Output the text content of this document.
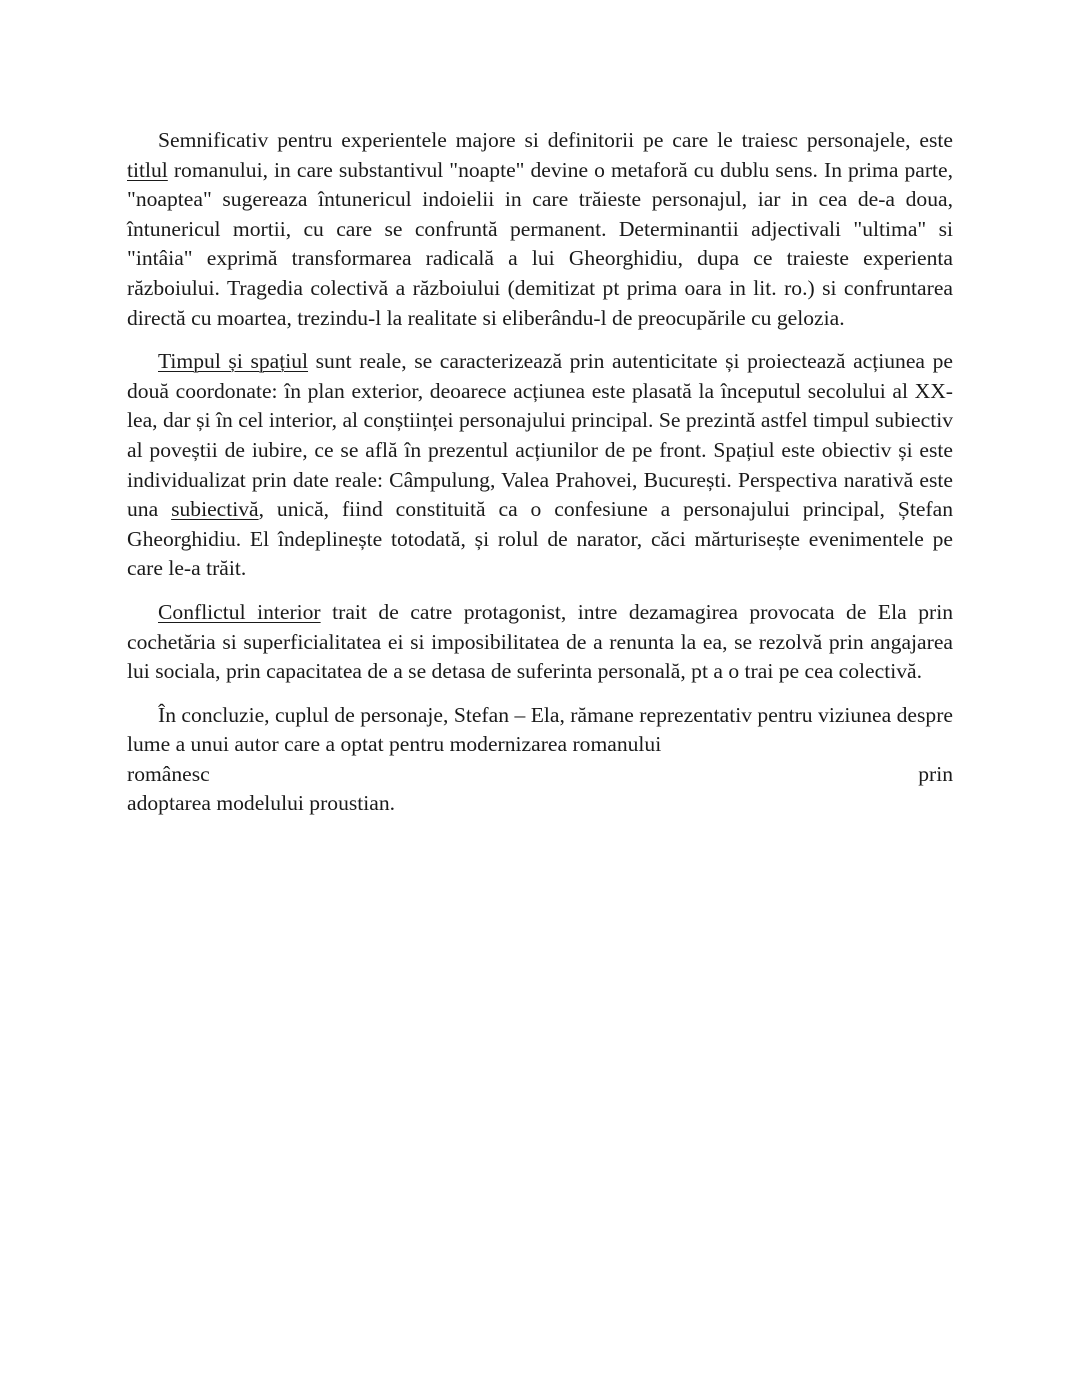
Semnificativ pentru experientele majore si definitorii pe care le traiesc personajele, este titlul romanului, in care substantivul "noapte" devine o metaforă cu dublu sens. In prima parte, "noaptea" sugereaza întunericul indoielii in care trăieste personajul, iar in cea de-a doua, întunericul mortii, cu care se confruntă permanent. Determinantii adjectivali "ultima" si "intâia" exprimă transformarea radicală a lui Gheorghidiu, dupa ce traieste experienta războiului. Tragedia colectivă a războiului (demitizat pt prima oara in lit. ro.) si confruntarea directă cu moartea, trezindu-l la realitate si eliberându-l de preocupările cu gelozia.

Timpul și spațiul sunt reale, se caracterizează prin autenticitate și proiectează acțiunea pe două coordonate: în plan exterior, deoarece acțiunea este plasată la începutul secolului al XX-lea, dar și în cel interior, al conștiinței personajului principal. Se prezintă astfel timpul subiectiv al poveștii de iubire, ce se află în prezentul acțiunilor de pe front. Spațiul este obiectiv și este individualizat prin date reale: Câmpulung, Valea Prahovei, București. Perspectiva narativă este una subiectivă, unică, fiind constituită ca o confesiune a personajului principal, Ștefan Gheorghidiu. El îndeplinește totodată, și rolul de narator, căci mărturisește evenimentele pe care le-a trăit.

Conflictul interior trait de catre protagonist, intre dezamagirea provocata de Ela prin cochetăria si superficialitatea ei si imposibilitatea de a renunta la ea, se rezolvă prin angajarea lui sociala, prin capacitatea de a se detasa de suferinta personală, pt a o trai pe cea colectivă.

În concluzie, cuplul de personaje, Stefan – Ela, rămane reprezentativ pentru viziunea despre lume a unui autor care a optat pentru modernizarea romanului

românesc prin

adoptarea modelului proustian.
